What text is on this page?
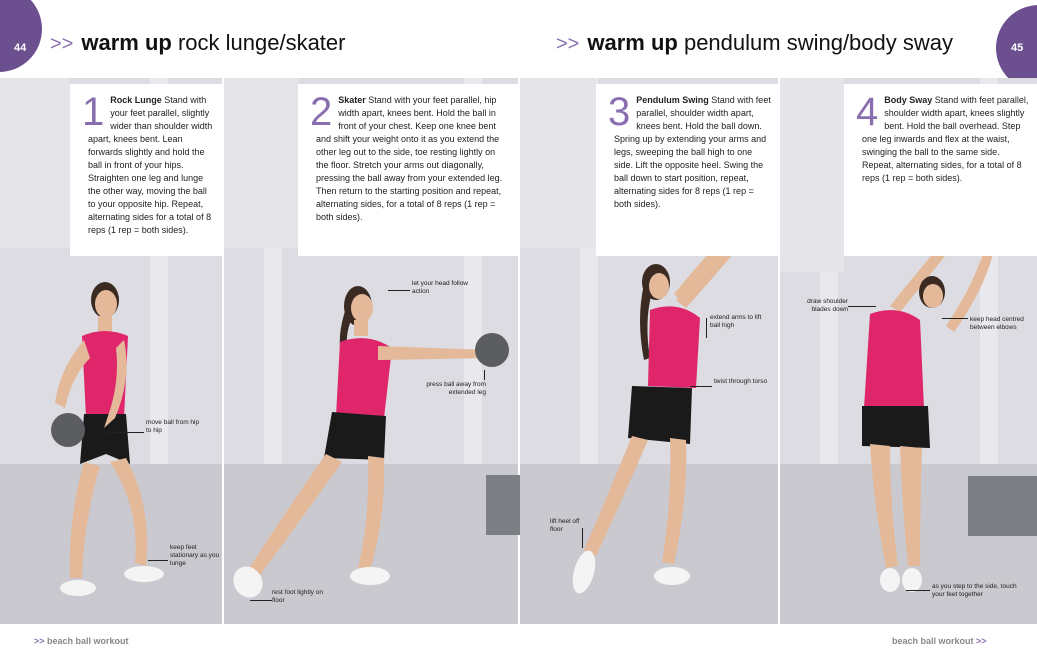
44	45
>> warm up rock lunge/skater	>> warm up pendulum swing/body sway
1 Rock Lunge Stand with your feet parallel, slightly wider than shoulder width apart, knees bent. Lean forwards slightly and hold the ball in front of your hips. Straighten one leg and lunge the other way, moving the ball to your opposite hip. Repeat, alternating sides for a total of 8 reps (1 rep = both sides).
2 Skater Stand with your feet parallel, hip width apart, knees bent. Hold the ball in front of your chest. Keep one knee bent and shift your weight onto it as you extend the other leg out to the side, toe resting lightly on the floor. Stretch your arms out diagonally, pressing the ball away from your extended leg. Then return to the starting position and repeat, alternating sides, for a total of 8 reps (1 rep = both sides).
3 Pendulum Swing Stand with feet parallel, shoulder width apart, knees bent. Hold the ball down. Spring up by extending your arms and legs, sweeping the ball high to one side. Lift the opposite heel. Swing the ball down to start position, repeat, alternating sides for 8 reps (1 rep = both sides).
4 Body Sway Stand with feet parallel, shoulder width apart, knees slightly bent. Hold the ball overhead. Step one leg inwards and flex at the waist, swinging the ball to the same side. Repeat, alternating sides, for a total of 8 reps (1 rep = both sides).
move ball from hip to hip
keep feet stationary as you lunge
let your head follow action
press ball away from extended leg
rest foot lightly on floor
extend arms to lift ball high
twist through torso
lift heel off floor
draw shoulder blades down
keep head centred between elbows
as you step to the side, touch your feet together
>> beach ball workout	beach ball workout >>
